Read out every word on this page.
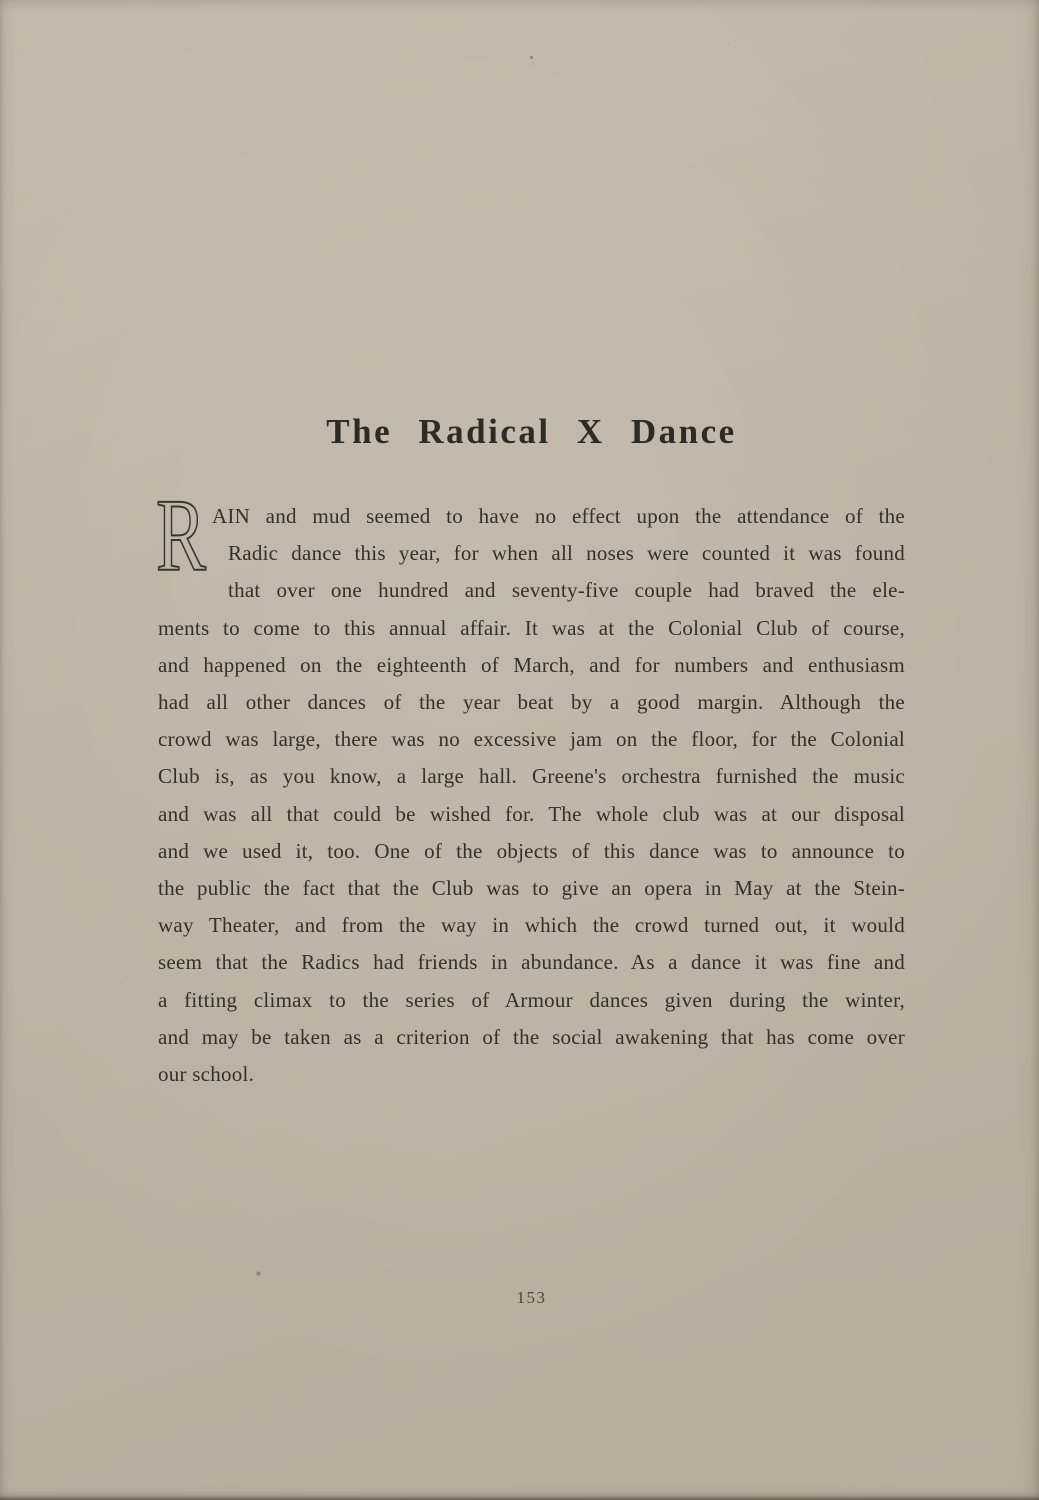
The Radical X Dance
R AIN and mud seemed to have no effect upon the attendance of the
Radic dance this year, for when all noses were counted it was found
that over one hundred and seventy-five couple had braved the ele-
ments to come to this annual affair. It was at the Colonial Club of course,
and happened on the eighteenth of March, and for numbers and enthusiasm
had all other dances of the year beat by a good margin. Although the
crowd was large, there was no excessive jam on the floor, for the Colonial
Club is, as you know, a large hall. Greene's orchestra furnished the music
and was all that could be wished for. The whole club was at our disposal
and we used it, too. One of the objects of this dance was to announce to
the public the fact that the Club was to give an opera in May at the Stein-
way Theater, and from the way in which the crowd turned out, it would
seem that the Radics had friends in abundance. As a dance it was fine and
a fitting climax to the series of Armour dances given during the winter,
and may be taken as a criterion of the social awakening that has come over
our school.
153
